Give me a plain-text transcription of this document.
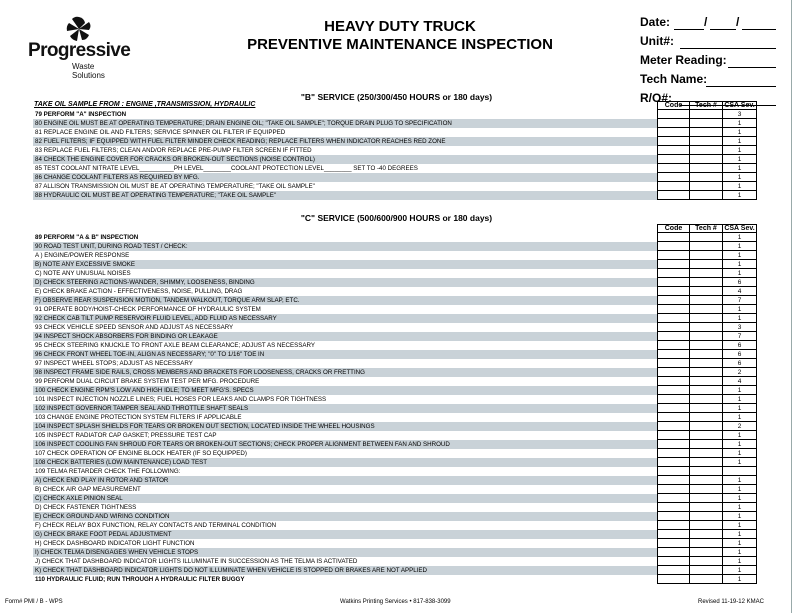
Progressive
Waste Solutions
HEAVY DUTY TRUCK
PREVENTIVE MAINTENANCE INSPECTION
Date:	/ /
Unit#:
Meter Reading:
Tech Name:
R/O#:
"B" SERVICE (250/300/450 HOURS or 180 days)
TAKE OIL SAMPLE FROM : ENGINE ,TRANSMISSION, HYDRAULIC	Code	Tech #	CSA Sev.
79 PERFORM "A" INSPECTION	3
80 ENGINE OIL MUST BE AT OPERATING TEMPERATURE; DRAIN ENGINE OIL; "TAKE OIL SAMPLE"; TORQUE DRAIN PLUG TO SPECIFICATION	1
81 REPLACE ENGINE OIL AND FILTERS; SERVICE SPINNER OIL FILTER IF EQUIPPED	1
82 FUEL FILTERS; IF EQUIPPED WITH FUEL FILTER MINDER CHECK READING; REPLACE FILTERS WHEN INDICATOR REACHES RED ZONE	1
83 REPLACE FUEL FILTERS; CLEAN AND/OR REPLACE PRE-PUMP FILTER SCREEN IF FITTED	1
84 CHECK THE ENGINE COVER FOR CRACKS OR BROKEN-OUT SECTIONS (NOISE CONTROL)	1
85 TEST COOLANT NITRATE LEVEL__________PH LEVEL________COOLANT PROTECTION LEVEL________ SET TO -40 DEGREES	1
86 CHANGE COOLANT FILTERS AS REQUIRED BY MFG.	1
87 ALLISON TRANSMISSION OIL MUST BE AT OPERATING TEMPERATURE; "TAKE OIL SAMPLE"	1
88 HYDRAULIC OIL MUST BE AT OPERATING TEMPERATURE; "TAKE OIL SAMPLE"	1
"C" SERVICE (500/600/900 HOURS or 180 days)
Code	Tech #	CSA Sev.
89 PERFORM "A & B" INSPECTION	1
90 ROAD TEST UNIT, DURING ROAD TEST / CHECK:	1
A ) ENGINE/POWER RESPONSE	1
B) NOTE ANY EXCESSIVE SMOKE	1
C) NOTE ANY UNUSUAL NOISES	1
D) CHECK STEERING ACTIONS-WANDER, SHIMMY, LOOSENESS, BINDING	6
E) CHECK BRAKE ACTION - EFFECTIVENESS, NOISE, PULLING, DRAG	4
F) OBSERVE REAR SUSPENSION MOTION, TANDEM WALKOUT, TORQUE ARM SLAP, ETC.	7
91 OPERATE BODY/HOIST-CHECK PERFORMANCE OF HYDRAULIC SYSTEM	1
92 CHECK CAB TILT PUMP RESERVOIR FLUID LEVEL, ADD FLUID AS NECESSARY	1
93 CHECK VEHICLE SPEED SENSOR AND ADJUST AS NECESSARY	3
94 INSPECT SHOCK ABSORBERS FOR BINDING OR LEAKAGE	7
95 CHECK STEERING KNUCKLE TO FRONT AXLE BEAM CLEARANCE; ADJUST AS NECESSARY	6
96 CHECK FRONT WHEEL TOE-IN, ALIGN AS NECESSARY; "0" TO 1/16" TOE IN	6
97 INSPECT WHEEL STOPS; ADJUST AS NECESSARY	6
98 INSPECT FRAME SIDE RAILS, CROSS MEMBERS AND BRACKETS FOR LOOSENESS, CRACKS OR FRETTING	2
99 PERFORM DUAL CIRCUIT BRAKE SYSTEM TEST PER MFG. PROCEDURE	4
100 CHECK ENGINE RPM'S LOW AND HIGH IDLE; TO MEET MFG'S. SPECS	1
101 INSPECT INJECTION NOZZLE LINES; FUEL HOSES FOR LEAKS AND CLAMPS FOR TIGHTNESS	1
102 INSPECT GOVERNOR TAMPER SEAL AND THROTTLE SHAFT SEALS	1
103 CHANGE ENGINE PROTECTION SYSTEM FILTERS IF APPLICABLE	1
104 INSPECT SPLASH SHIELDS FOR TEARS OR BROKEN OUT SECTION, LOCATED INSIDE THE WHEEL HOUSINGS	2
105 INSPECT RADIATOR CAP GASKET; PRESSURE TEST CAP	1
106 INSPECT COOLING FAN SHROUD FOR TEARS OR BROKEN-OUT SECTIONS; CHECK PROPER ALIGNMENT BETWEEN FAN AND SHROUD	1
107 CHECK OPERATION OF ENGINE BLOCK HEATER (IF SO EQUIPPED)	1
108 CHECK BATTERIES (LOW MAINTENANCE) LOAD TEST	1
109 TELMA RETARDER CHECK THE FOLLOWING:
A) CHECK END PLAY IN ROTOR AND STATOR	1
B) CHECK AIR GAP MEASUREMENT	1
C) CHECK AXLE PINION SEAL	1
D) CHECK FASTENER TIGHTNESS	1
E) CHECK GROUND AND WIRING CONDITION	1
F) CHECK RELAY BOX FUNCTION, RELAY CONTACTS AND TERMINAL CONDITION	1
G) CHECK BRAKE FOOT PEDAL ADJUSTMENT	1
H) CHECK DASHBOARD INDICATOR LIGHT FUNCTION	1
I) CHECK TELMA DISENGAGES WHEN VEHICLE STOPS	1
J) CHECK THAT DASHBOARD INDICATOR LIGHTS ILLUMINATE IN SUCCESSION AS THE TELMA IS ACTIVATED	1
K) CHECK THAT DASHBOARD INDICATOR LIGHTS DO NOT ILLUMINATE WHEN VEHICLE IS STOPPED OR BRAKES ARE NOT APPLIED	1
110 HYDRAULIC FLUID; RUN THROUGH A HYDRAULIC FILTER BUGGY	1
Form# PMI / B - WPS	Watkins Printing Services • 817-838-3099	Revised 11-19-12 KMAC
